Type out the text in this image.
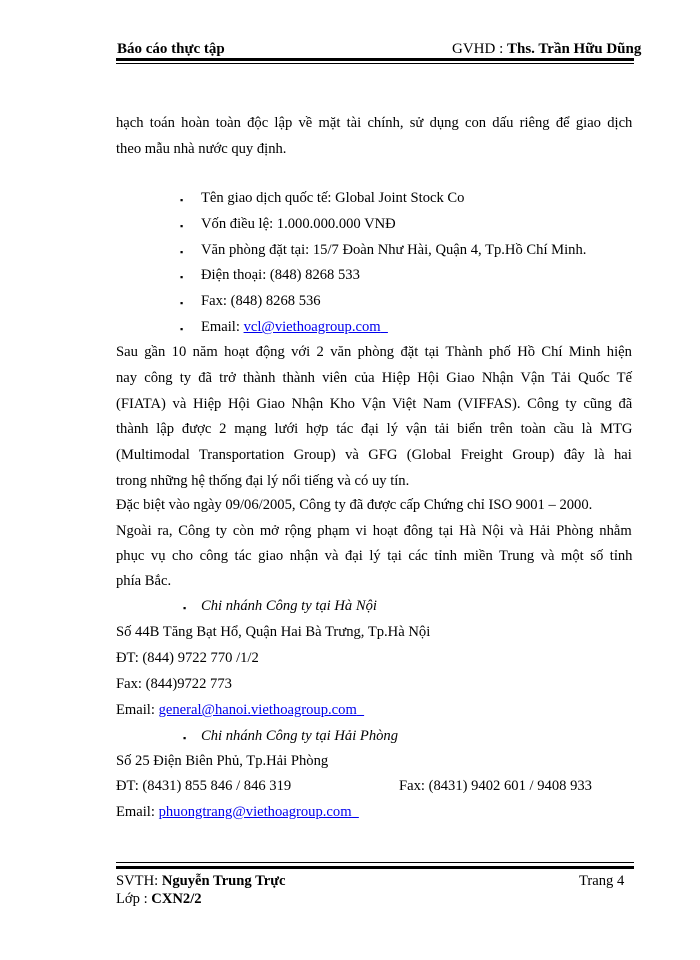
Báo cáo thực tập	GVHD : Ths. Trần Hữu Dũng
hạch toán hoàn toàn độc lập về mặt tài chính, sử dụng con dấu riêng để giao dịch
theo mẫu nhà nước quy định.
▪ Tên giao dịch quốc tế: Global Joint Stock Co
▪ Vốn điều lệ: 1.000.000.000 VNĐ
▪ Văn phòng đặt tại: 15/7 Đoàn Như Hài, Quận 4, Tp.Hồ Chí Minh.
▪ Điện thoại: (848) 8268 533
▪ Fax: (848) 8268 536
▪ Email: vcl@viethoagroup.com
Sau gần 10 năm hoạt động với 2 văn phòng đặt tại Thành phố Hồ Chí Minh hiện
nay công ty đã trở thành thành viên của Hiệp Hội Giao Nhận Vận Tải Quốc Tế
(FIATA) và Hiệp Hội Giao Nhận Kho Vận Việt Nam (VIFFAS). Công ty cũng đã
thành lập được 2 mạng lưới hợp tác đại lý vận tải biển trên toàn cầu là MTG
(Multimodal Transportation Group) và GFG (Global Freight Group) đây là hai
trong những hệ thống đại lý nổi tiếng và có uy tín.
Đặc biệt vào ngày 09/06/2005, Công ty đã được cấp Chứng chỉ ISO 9001 – 2000.
Ngoài ra, Công ty còn mở rộng phạm vi hoạt đông tại Hà Nội và Hải Phòng nhằm
phục vụ cho công tác giao nhận và đại lý tại các tỉnh miền Trung và một số tỉnh
phía Bắc.
▪ Chi nhánh Công ty tại Hà Nội
Số 44B Tăng Bạt Hổ, Quận Hai Bà Trưng, Tp.Hà Nội
ĐT: (844) 9722 770 /1/2
Fax: (844)9722 773
Email: general@hanoi.viethoagroup.com
▪ Chi nhánh Công ty tại Hải Phòng
Số 25 Điện Biên Phủ, Tp.Hải Phòng
ĐT: (8431) 855 846 / 846 319	Fax: (8431) 9402 601 / 9408 933
Email: phuongtrang@viethoagroup.com
SVTH: Nguyễn Trung Trực
Lớp : CXN2/2
Trang 4
